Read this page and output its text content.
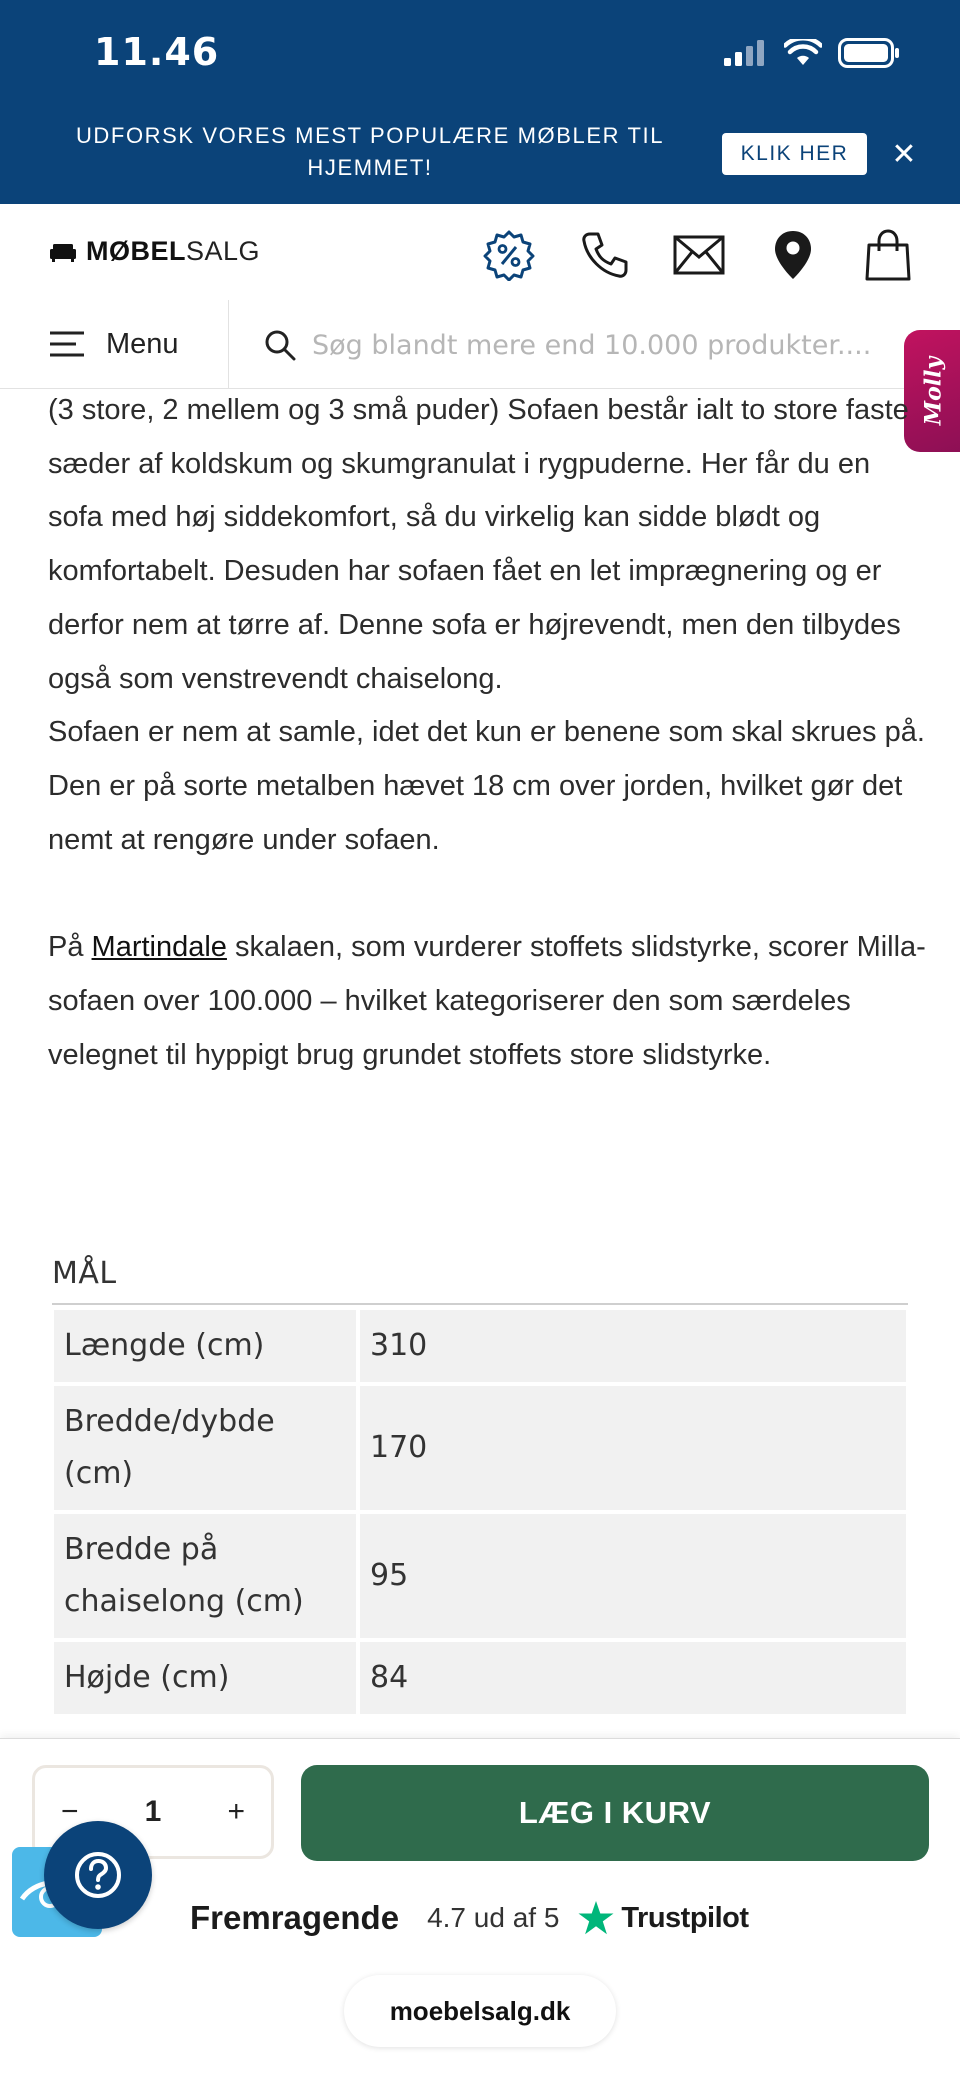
11.46
UDFORSK VORES MEST POPULÆRE MØBLER TIL HJEMMET!
KLIK HER	✕
MØBELSALG
Menu
Søg blandt mere end 10.000 produkter....
Molly

(3 store, 2 mellem og 3 små puder) Sofaen består ialt to store faste sæder af koldskum og skumgranulat i rygpuderne. Her får du en sofa med høj siddekomfort, så du virkelig kan sidde blødt og komfortabelt. Desuden har sofaen fået en let imprægnering og er derfor nem at tørre af. Denne sofa er højrevendt, men den tilbydes også som venstrevendt chaiselong.

Sofaen er nem at samle, idet det kun er benene som skal skrues på. Den er på sorte metalben hævet 18 cm over jorden, hvilket gør det nemt at rengøre under sofaen.

På Martindale skalaen, som vurderer stoffets slidstyrke, scorer Milla-sofaen over 100.000 – hvilket kategoriserer den som særdeles velegnet til hyppigt brug grundet stoffets store slidstyrke.

MÅL
Længde (cm)	310
Bredde/dybde (cm)	170
Bredde på chaiselong (cm)	95
Højde (cm)	84
− 1 +	LÆG I KURV
Fremragende 4.7 ud af 5 Trustpilot
moebelsalg.dk
